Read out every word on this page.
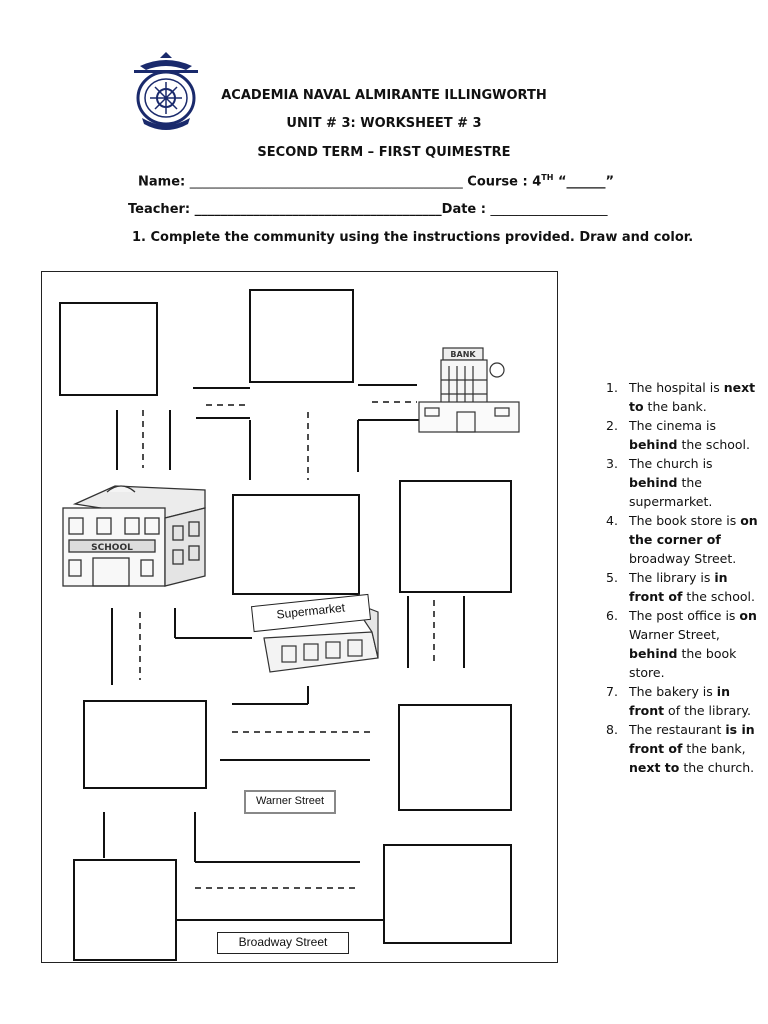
ACADEMIA NAVAL ALMIRANTE ILLINGWORTH
UNIT # 3: WORKSHEET # 3
SECOND TERM – FIRST QUIMESTRE
Name: __________________________________________ Course : 4TH “______”
Teacher: ______________________________________Date : __________________
1. Complete the community using the instructions provided. Draw and color.
BANK
SCHOOL
Supermarket
Warner Street
Broadway Street
1. The hospital is next to the bank.
2. The cinema is behind the school.
3. The church is behind the supermarket.
4. The book store is on the corner of broadway Street.
5. The library is in front of the school.
6. The post office is on Warner Street, behind the book store.
7. The bakery is in front of the library.
8. The restaurant is in front of the bank, next to the church.
